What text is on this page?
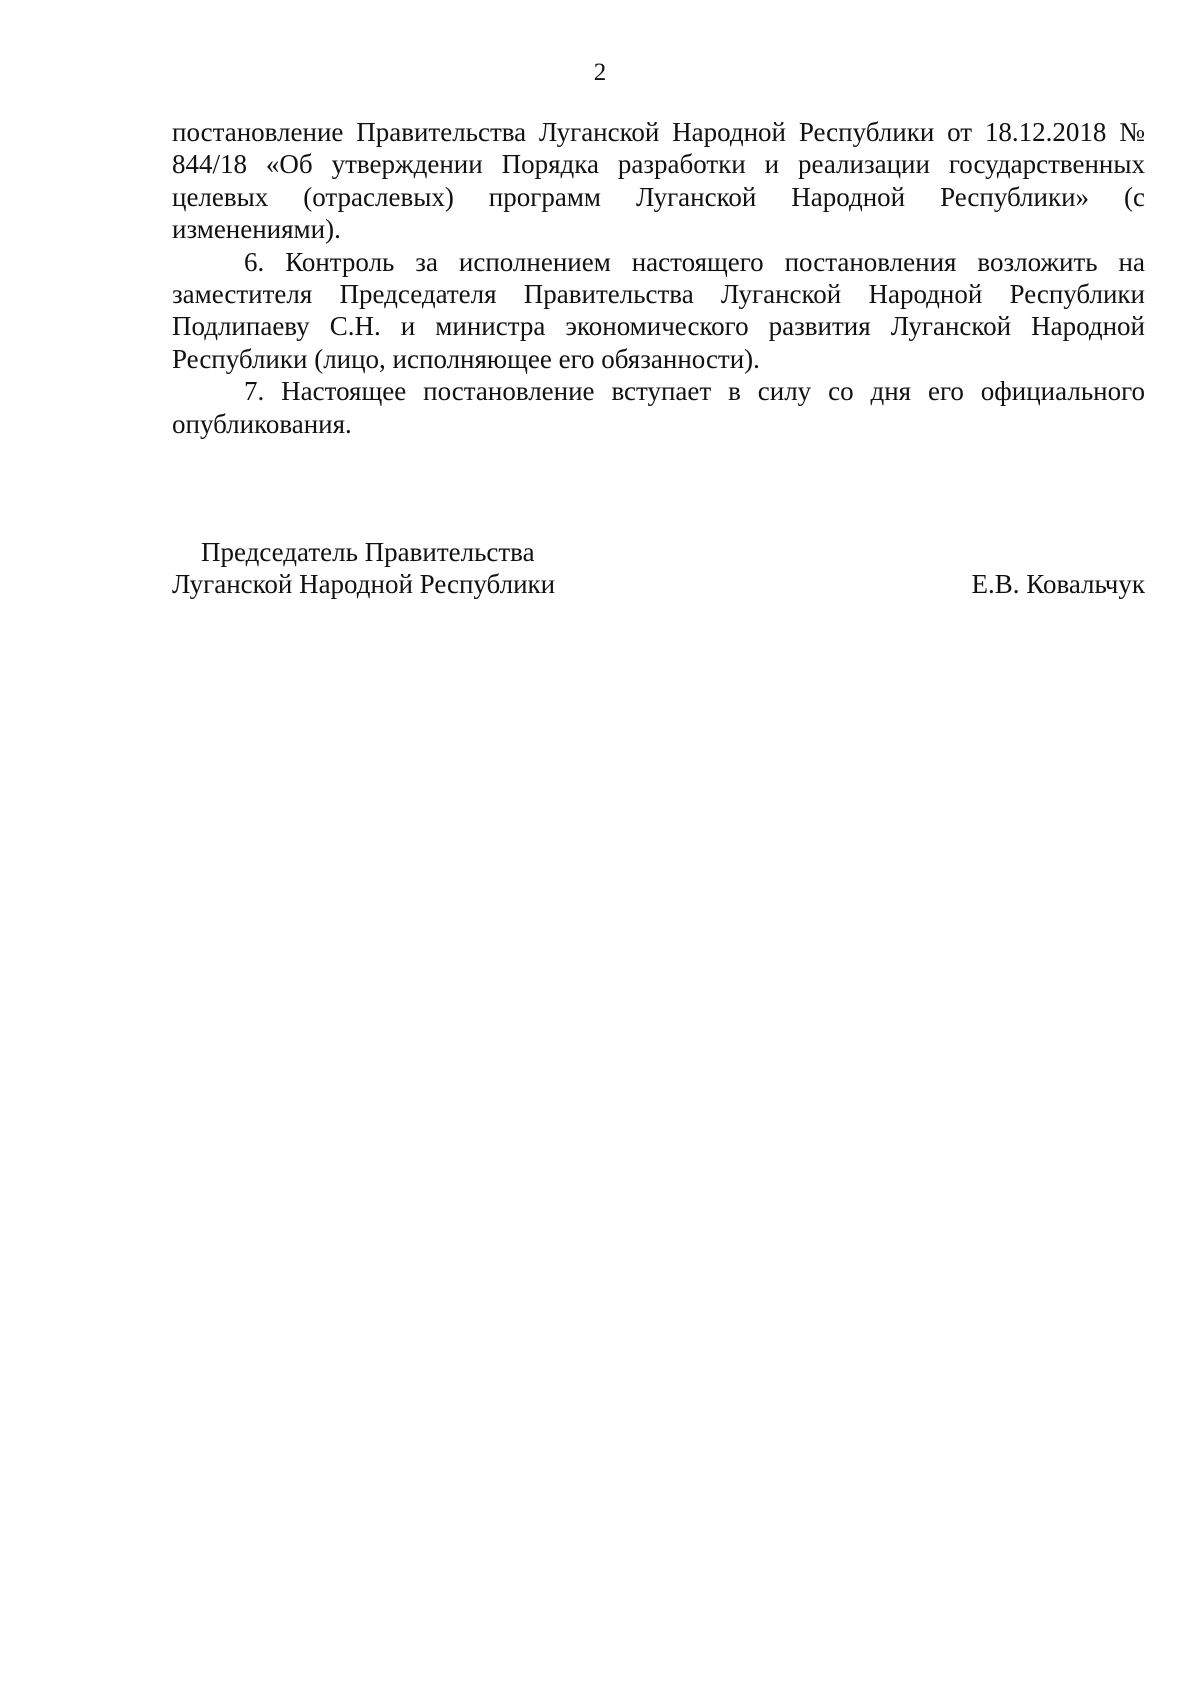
2

постановление Правительства Луганской Народной Республики от 18.12.2018 № 844/18 «Об утверждении Порядка разработки и реализации государственных целевых (отраслевых) программ Луганской Народной Республики» (с изменениями).

6. Контроль за исполнением настоящего постановления возложить на заместителя Председателя Правительства Луганской Народной Республики Подлипаеву С.Н. и министра экономического развития Луганской Народной Республики (лицо, исполняющее его обязанности).

7. Настоящее постановление вступает в силу со дня его официального опубликования.

Председатель Правительства
Луганской Народной Республики	Е.В. Ковальчук
